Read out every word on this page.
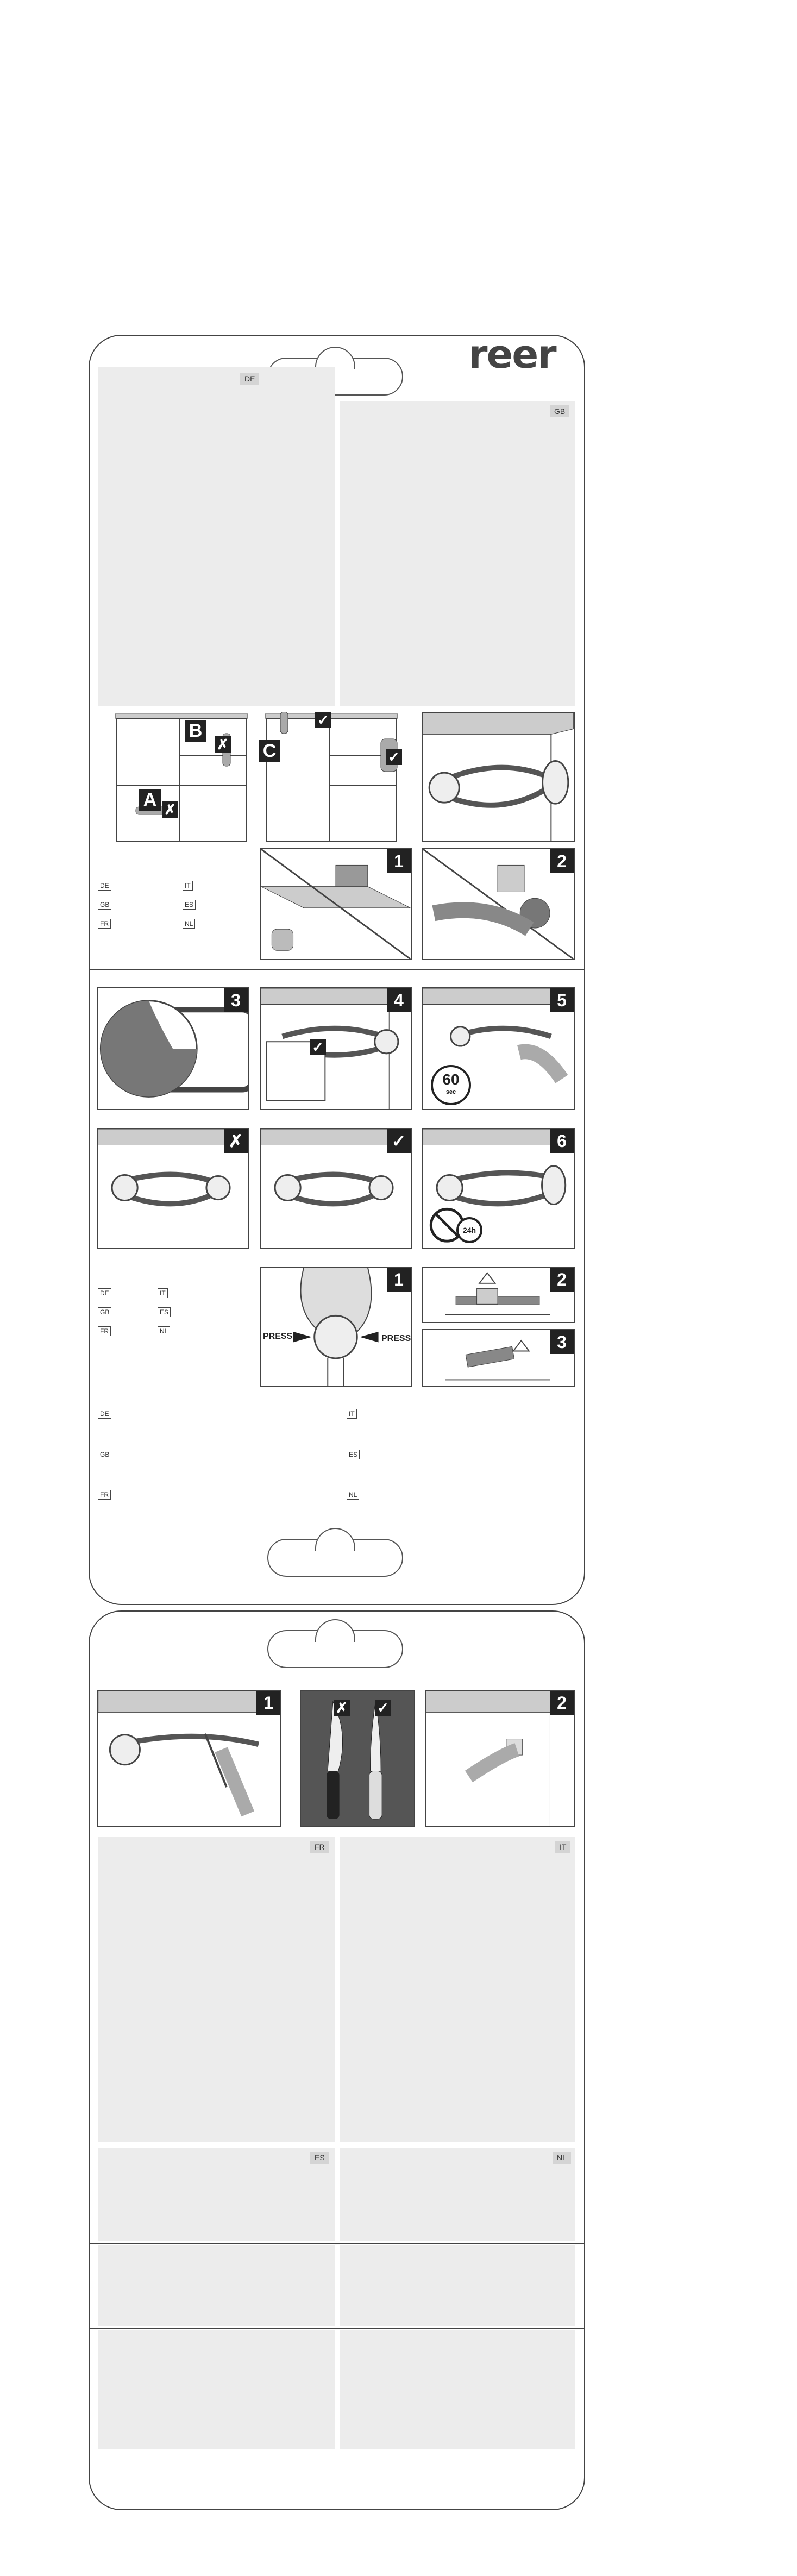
reer
DE
GB
A ✗
B
✗
✓
C	✓
DE
GB
FR
IT
ES
NL
1	2
3	4
✓
5
60
sec
✗	✓	6
24h
DE
GB
FR
IT
ES
NL
1
PRESS	PRESS
2
3
DE
GB
FR
IT
ES
NL
1	✗ ✓	2
FR	IT
ES	NL
